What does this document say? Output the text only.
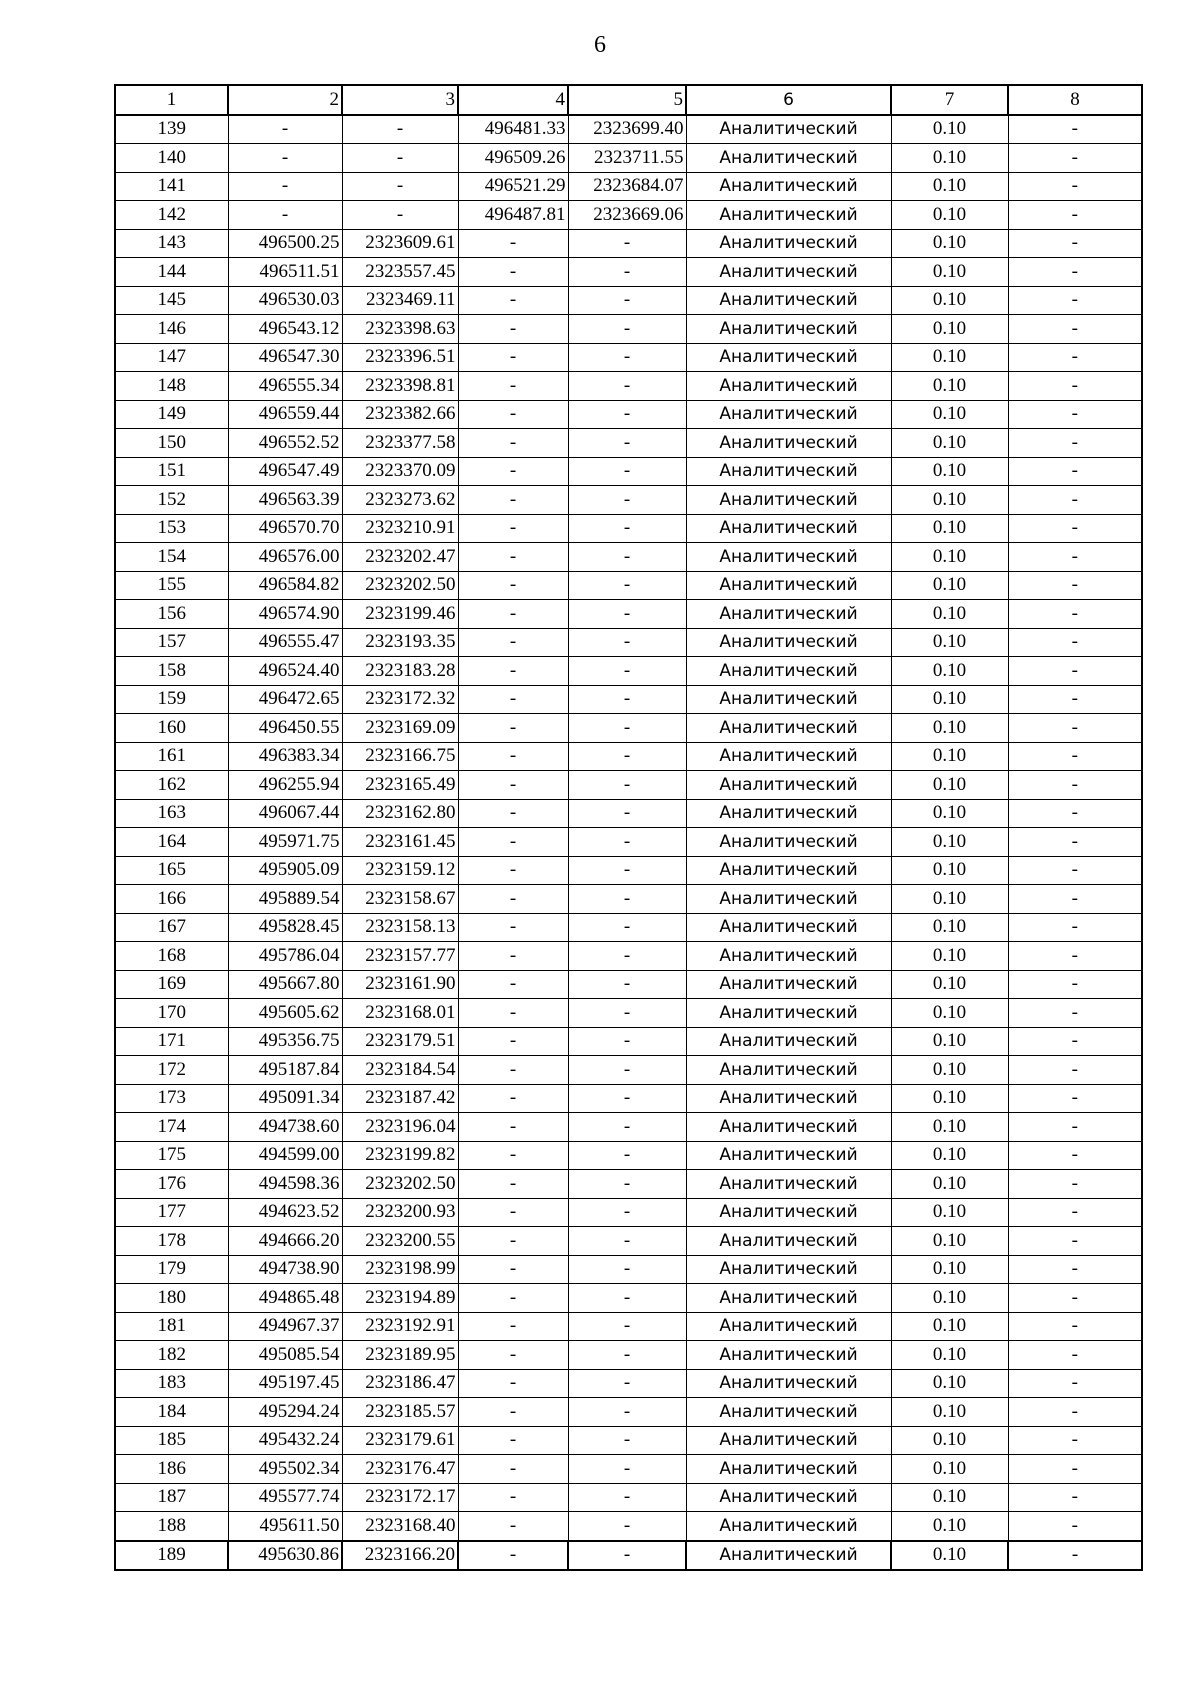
6
1	2	3	4	5	6	7	8
139	-	-	496481.33	2323699.40	Аналитический	0.10	-
140	-	-	496509.26	2323711.55	Аналитический	0.10	-
141	-	-	496521.29	2323684.07	Аналитический	0.10	-
142	-	-	496487.81	2323669.06	Аналитический	0.10	-
143	496500.25	2323609.61	-	-	Аналитический	0.10	-
144	496511.51	2323557.45	-	-	Аналитический	0.10	-
145	496530.03	2323469.11	-	-	Аналитический	0.10	-
146	496543.12	2323398.63	-	-	Аналитический	0.10	-
147	496547.30	2323396.51	-	-	Аналитический	0.10	-
148	496555.34	2323398.81	-	-	Аналитический	0.10	-
149	496559.44	2323382.66	-	-	Аналитический	0.10	-
150	496552.52	2323377.58	-	-	Аналитический	0.10	-
151	496547.49	2323370.09	-	-	Аналитический	0.10	-
152	496563.39	2323273.62	-	-	Аналитический	0.10	-
153	496570.70	2323210.91	-	-	Аналитический	0.10	-
154	496576.00	2323202.47	-	-	Аналитический	0.10	-
155	496584.82	2323202.50	-	-	Аналитический	0.10	-
156	496574.90	2323199.46	-	-	Аналитический	0.10	-
157	496555.47	2323193.35	-	-	Аналитический	0.10	-
158	496524.40	2323183.28	-	-	Аналитический	0.10	-
159	496472.65	2323172.32	-	-	Аналитический	0.10	-
160	496450.55	2323169.09	-	-	Аналитический	0.10	-
161	496383.34	2323166.75	-	-	Аналитический	0.10	-
162	496255.94	2323165.49	-	-	Аналитический	0.10	-
163	496067.44	2323162.80	-	-	Аналитический	0.10	-
164	495971.75	2323161.45	-	-	Аналитический	0.10	-
165	495905.09	2323159.12	-	-	Аналитический	0.10	-
166	495889.54	2323158.67	-	-	Аналитический	0.10	-
167	495828.45	2323158.13	-	-	Аналитический	0.10	-
168	495786.04	2323157.77	-	-	Аналитический	0.10	-
169	495667.80	2323161.90	-	-	Аналитический	0.10	-
170	495605.62	2323168.01	-	-	Аналитический	0.10	-
171	495356.75	2323179.51	-	-	Аналитический	0.10	-
172	495187.84	2323184.54	-	-	Аналитический	0.10	-
173	495091.34	2323187.42	-	-	Аналитический	0.10	-
174	494738.60	2323196.04	-	-	Аналитический	0.10	-
175	494599.00	2323199.82	-	-	Аналитический	0.10	-
176	494598.36	2323202.50	-	-	Аналитический	0.10	-
177	494623.52	2323200.93	-	-	Аналитический	0.10	-
178	494666.20	2323200.55	-	-	Аналитический	0.10	-
179	494738.90	2323198.99	-	-	Аналитический	0.10	-
180	494865.48	2323194.89	-	-	Аналитический	0.10	-
181	494967.37	2323192.91	-	-	Аналитический	0.10	-
182	495085.54	2323189.95	-	-	Аналитический	0.10	-
183	495197.45	2323186.47	-	-	Аналитический	0.10	-
184	495294.24	2323185.57	-	-	Аналитический	0.10	-
185	495432.24	2323179.61	-	-	Аналитический	0.10	-
186	495502.34	2323176.47	-	-	Аналитический	0.10	-
187	495577.74	2323172.17	-	-	Аналитический	0.10	-
188	495611.50	2323168.40	-	-	Аналитический	0.10	-
189	495630.86	2323166.20	-	-	Аналитический	0.10	-
